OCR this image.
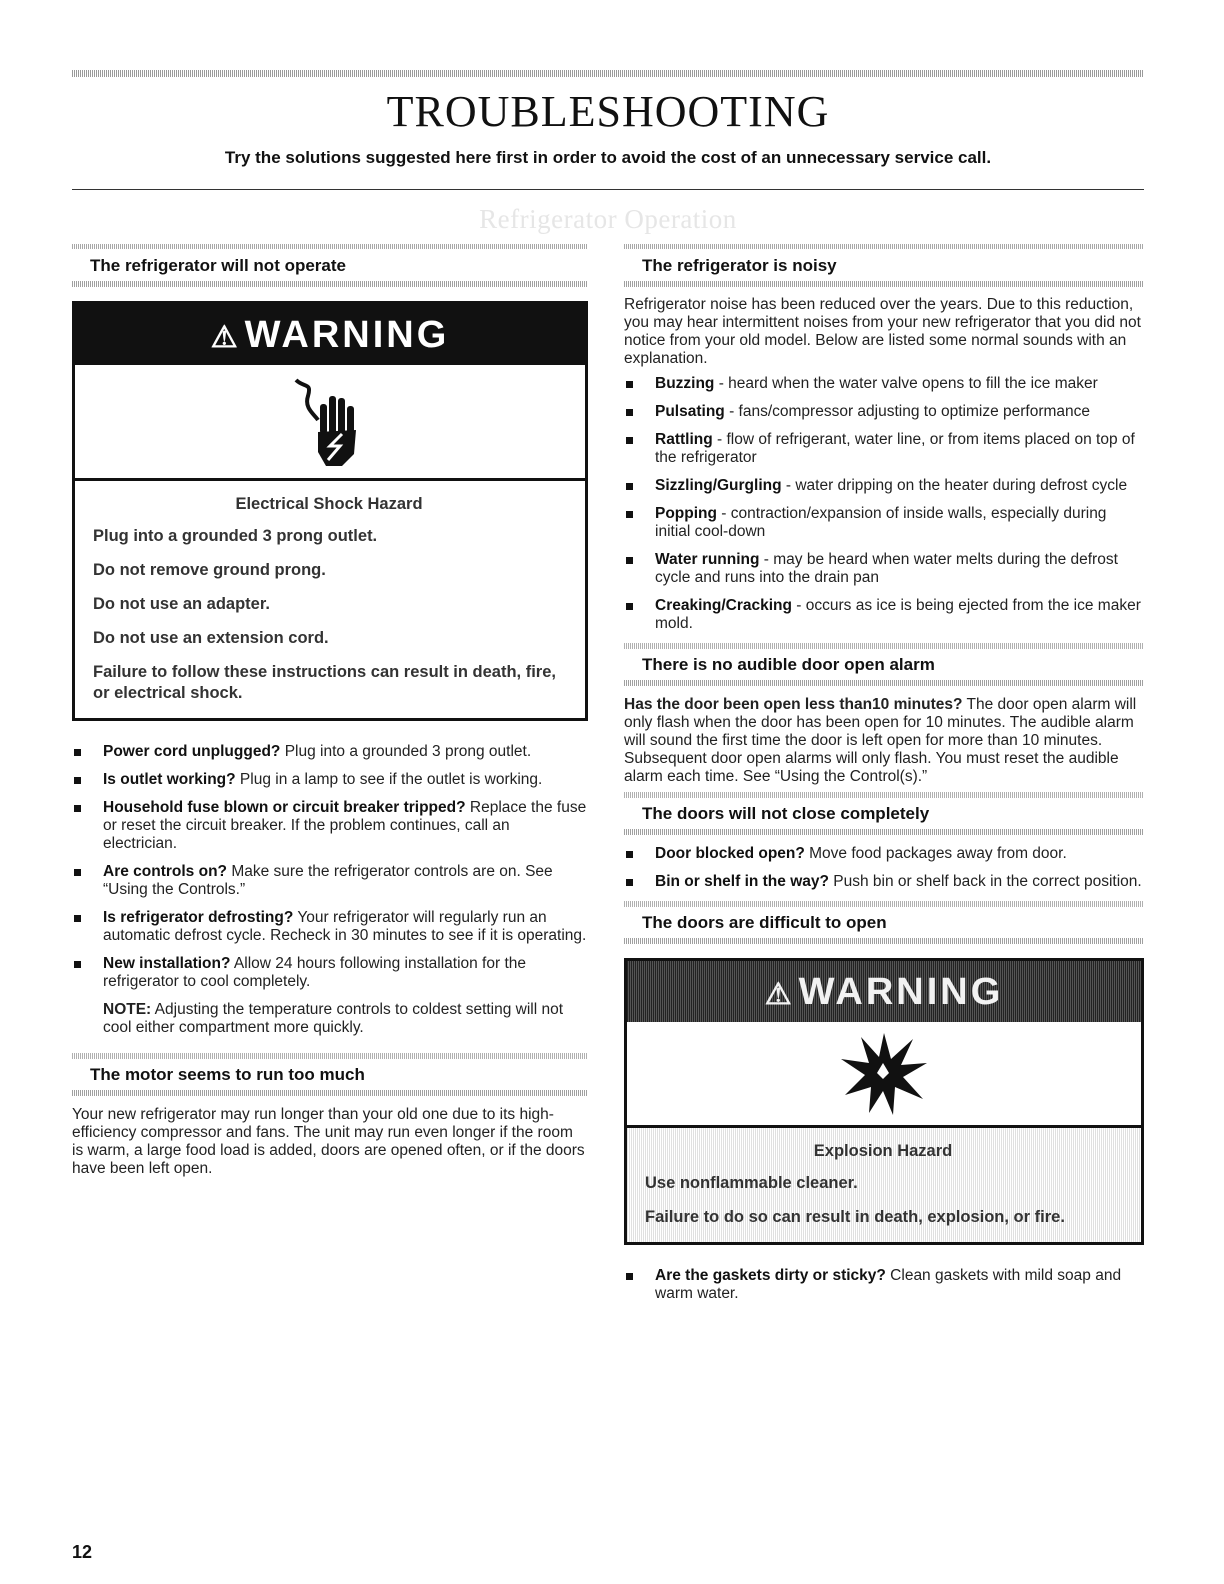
TROUBLESHOOTING
Try the solutions suggested here first in order to avoid the cost of an unnecessary service call.
Refrigerator Operation
The refrigerator will not operate
⚠ WARNING
Electrical Shock Hazard
Plug into a grounded 3 prong outlet.
Do not remove ground prong.
Do not use an adapter.
Do not use an extension cord.
Failure to follow these instructions can result in death, fire, or electrical shock.
Power cord unplugged? Plug into a grounded 3 prong outlet.
Is outlet working? Plug in a lamp to see if the outlet is working.
Household fuse blown or circuit breaker tripped? Replace the fuse or reset the circuit breaker. If the problem continues, call an electrician.
Are controls on? Make sure the refrigerator controls are on. See “Using the Controls.”
Is refrigerator defrosting? Your refrigerator will regularly run an automatic defrost cycle. Recheck in 30 minutes to see if it is operating.
New installation? Allow 24 hours following installation for the refrigerator to cool completely.

NOTE: Adjusting the temperature controls to coldest setting will not cool either compartment more quickly.

The motor seems to run too much

Your new refrigerator may run longer than your old one due to its high-efficiency compressor and fans. The unit may run even longer if the room is warm, a large food load is added, doors are opened often, or if the doors have been left open.

The refrigerator is noisy

Refrigerator noise has been reduced over the years. Due to this reduction, you may hear intermittent noises from your new refrigerator that you did not notice from your old model. Below are listed some normal sounds with an explanation.

Buzzing - heard when the water valve opens to fill the ice maker
Pulsating - fans/compressor adjusting to optimize performance
Rattling - flow of refrigerant, water line, or from items placed on top of the refrigerator
Sizzling/Gurgling - water dripping on the heater during defrost cycle
Popping - contraction/expansion of inside walls, especially during initial cool-down
Water running - may be heard when water melts during the defrost cycle and runs into the drain pan
Creaking/Cracking - occurs as ice is being ejected from the ice maker mold.
There is no audible door open alarm

Has the door been open less than10 minutes? The door open alarm will only flash when the door has been open for 10 minutes. The audible alarm will sound the first time the door is left open for more than 10 minutes. Subsequent door open alarms will only flash. You must reset the audible alarm each time. See “Using the Control(s).”

The doors will not close completely
Door blocked open? Move food packages away from door.
Bin or shelf in the way? Push bin or shelf back in the correct position.
The doors are difficult to open
⚠ WARNING
Explosion Hazard
Use nonflammable cleaner.
Failure to do so can result in death, explosion, or fire.
Are the gaskets dirty or sticky? Clean gaskets with mild soap and warm water.
12
